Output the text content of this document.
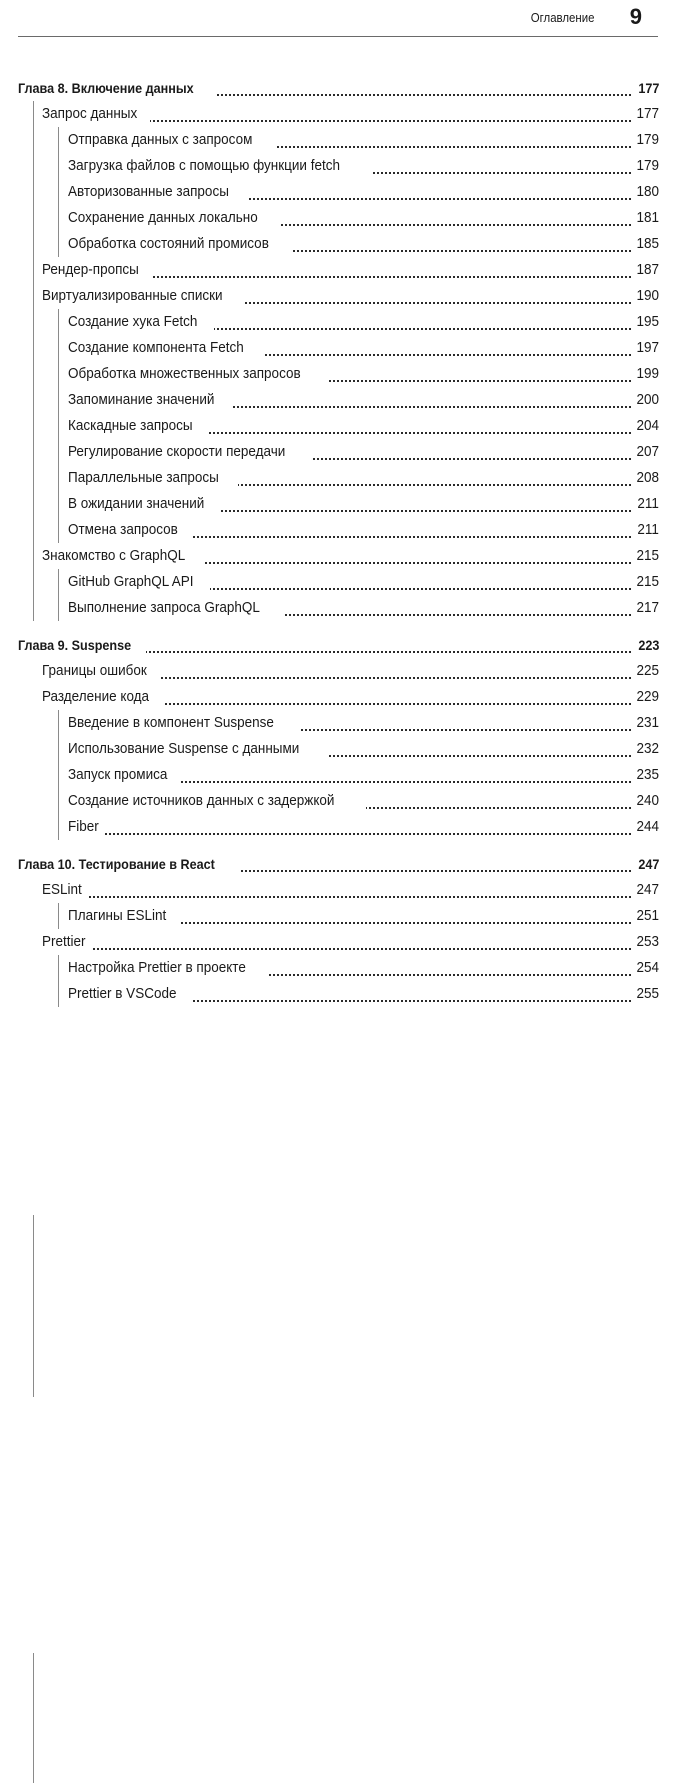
Оглавление 9
Глава 8. Включение данных	177
Запрос данных	177
Отправка данных с запросом	179
Загрузка файлов с помощью функции fetch	179
Авторизованные запросы	180
Сохранение данных локально	181
Обработка состояний промисов	185
Рендер-пропсы	187
Виртуализированные списки	190
Создание хука Fetch	195
Создание компонента Fetch	197
Обработка множественных запросов	199
Запоминание значений	200
Каскадные запросы	204
Регулирование скорости передачи	207
Параллельные запросы	208
В ожидании значений	211
Отмена запросов	211
Знакомство с GraphQL	215
GitHub GraphQL API	215
Выполнение запроса GraphQL	217
Глава 9. Suspense	223
Границы ошибок	225
Разделение кода	229
Введение в компонент Suspense	231
Использование Suspense с данными	232
Запуск промиса	235
Создание источников данных с задержкой	240
Fiber	244
Глава 10. Тестирование в React	247
ESLint	247
Плагины ESLint	251
Prettier	253
Настройка Prettier в проекте	254
Prettier в VSCode	255
